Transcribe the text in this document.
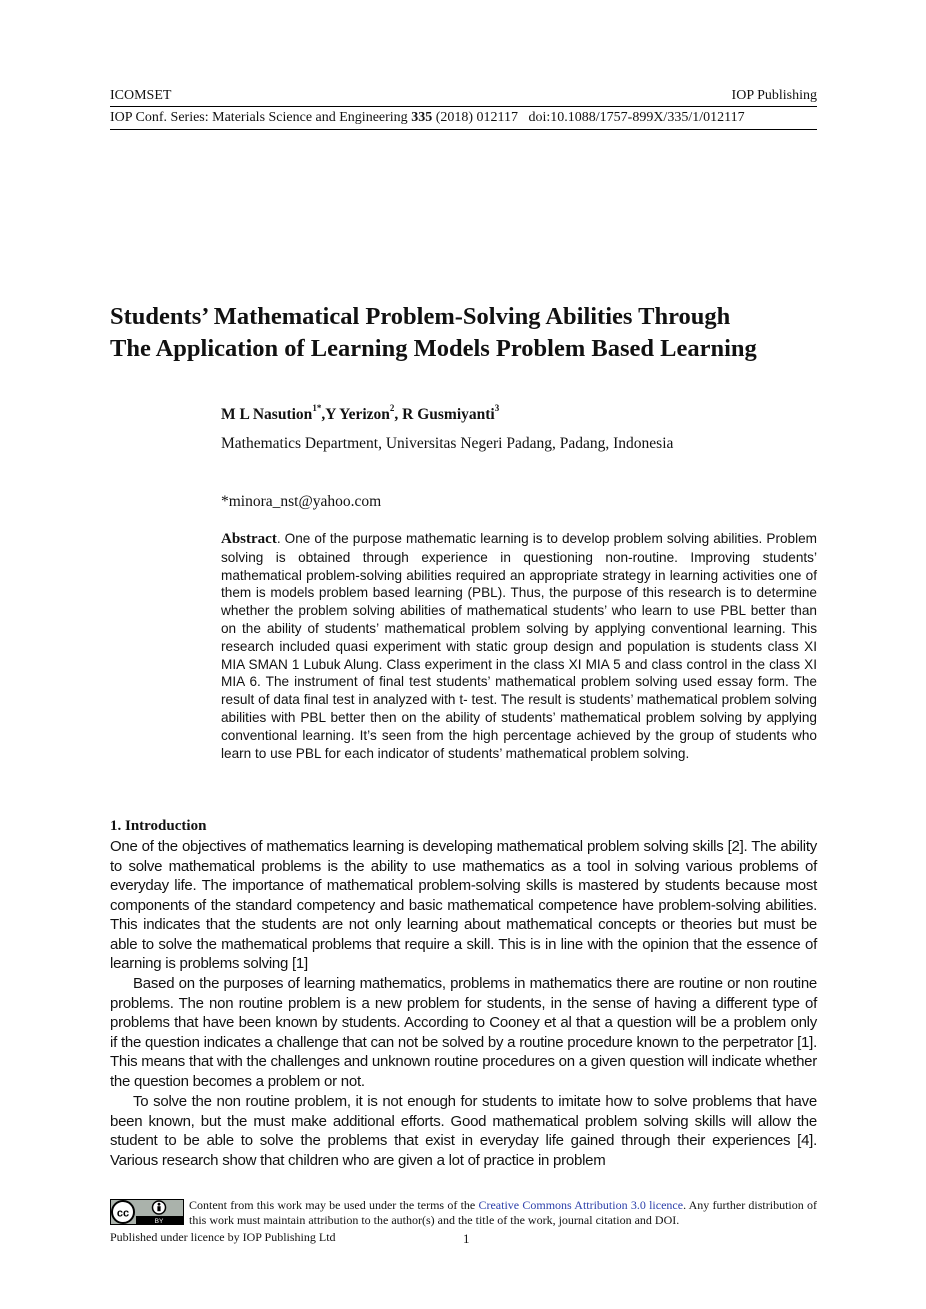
ICOMSET	IOP Publishing
IOP Conf. Series: Materials Science and Engineering 335 (2018) 012117   doi:10.1088/1757-899X/335/1/012117
Students’ Mathematical Problem-Solving Abilities Through
The Application of Learning Models Problem Based Learning
M L Nasution$^{1*}$,Y Yerizon$^2$, R Gusmiyanti$^3$
Mathematics Department, Universitas Negeri Padang, Padang, Indonesia
*minora_nst@yahoo.com
Abstract. One of the purpose mathematic learning is to develop problem solving abilities. Problem solving is obtained through experience in questioning non-routine. Improving students’ mathematical problem-solving abilities required an appropriate strategy in learning activities one of them is models problem based learning (PBL). Thus, the purpose of this research is to determine whether the problem solving abilities of mathematical students’ who learn to use PBL better than on the ability of students’ mathematical problem solving by applying conventional learning. This research included quasi experiment with static group design and population is students class XI MIA SMAN 1 Lubuk Alung. Class experiment in the class XI MIA 5 and class control in the class XI MIA 6. The instrument of final test students’ mathematical problem solving used essay form. The result of data final test in analyzed with t- test. The result is students’ mathematical problem solving abilities with PBL better then on the ability of students’ mathematical problem solving by applying conventional learning. It’s seen from the high percentage achieved by the group of students who learn to use PBL for each indicator of students’ mathematical problem solving.
1. Introduction
One of the objectives of mathematics learning is developing mathematical problem solving skills [2]. The ability to solve mathematical problems is the ability to use mathematics as a tool in solving various problems of everyday life. The importance of mathematical problem-solving skills is mastered by students because most components of the standard competency and basic mathematical competence have problem-solving abilities. This indicates that the students are not only learning about mathematical concepts or theories but must be able to solve the mathematical problems that require a skill. This is in line with the opinion that the essence of learning is problems solving [1]
Based on the purposes of learning mathematics, problems in mathematics there are routine or non routine problems. The non routine problem is a new problem for students, in the sense of having a different type of problems that have been known by students. According to Cooney et al that a question will be a problem only if the question indicates a challenge that can not be solved by a routine procedure known to the perpetrator [1]. This means that with the challenges and unknown routine procedures on a given question will indicate whether the question becomes a problem or not.
To solve the non routine problem, it is not enough for students to imitate how to solve problems that have been known, but the must make additional efforts. Good mathematical problem solving skills will allow the student to be able to solve the problems that exist in everyday life gained through their experiences [4]. Various research show that children who are given a lot of practice in problem
cc
BY
Content from this work may be used under the terms of the Creative Commons Attribution 3.0 licence. Any further distribution of this work must maintain attribution to the author(s) and the title of the work, journal citation and DOI.
Published under licence by IOP Publishing Ltd	1
